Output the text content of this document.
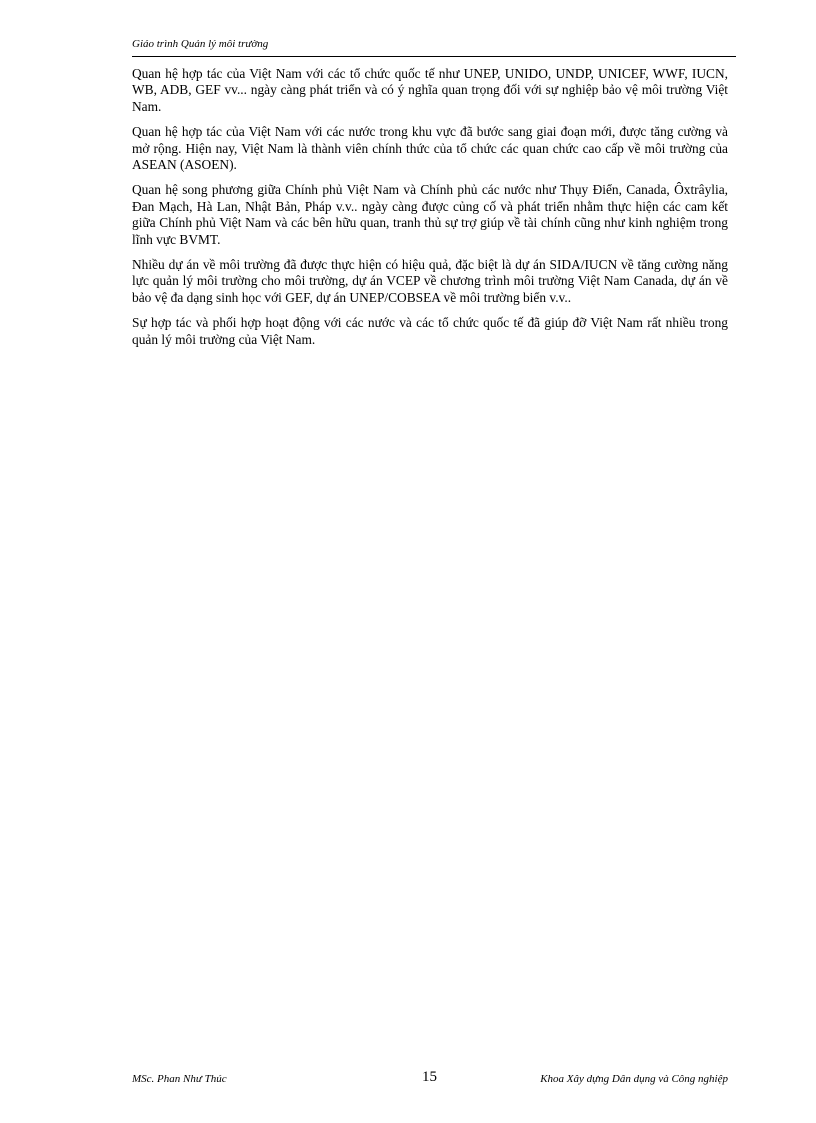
Giáo trình Quản lý môi trường

Quan hệ hợp tác của Việt Nam với các tổ chức quốc tế như UNEP, UNIDO, UNDP, UNICEF, WWF, IUCN, WB, ADB, GEF vv... ngày càng phát triển và có ý nghĩa quan trọng đối với sự nghiệp bảo vệ môi trường Việt Nam.

Quan hệ hợp tác của Việt Nam với các nước trong khu vực đã bước sang giai đoạn mới, được tăng cường và mở rộng. Hiện nay, Việt Nam là thành viên chính thức của tổ chức các quan chức cao cấp về môi trường của ASEAN (ASOEN).

Quan hệ song phương giữa Chính phủ Việt Nam và Chính phủ các nước như Thụy Điển, Canada, Ôxtrâylia, Đan Mạch, Hà Lan, Nhật Bản, Pháp v.v.. ngày càng được củng cố và phát triển nhằm thực hiện các cam kết giữa Chính phủ Việt Nam và các bên hữu quan, tranh thủ sự trợ giúp về tài chính cũng như kinh nghiệm trong lĩnh vực BVMT.

Nhiều dự án về môi trường đã được thực hiện có hiệu quả, đặc biệt là dự án SIDA/IUCN về tăng cường năng lực quản lý môi trường cho môi trường, dự án VCEP về chương trình môi trường Việt Nam Canada, dự án về bảo vệ đa dạng sinh học với GEF, dự án UNEP/COBSEA về môi trường biển v.v..

Sự hợp tác và phối hợp hoạt động với các nước và các tổ chức quốc tế đã giúp đỡ Việt Nam rất nhiều trong quản lý môi trường của Việt Nam.

MSc. Phan Như Thúc	15	Khoa Xây dựng Dân dụng và Công nghiệp
